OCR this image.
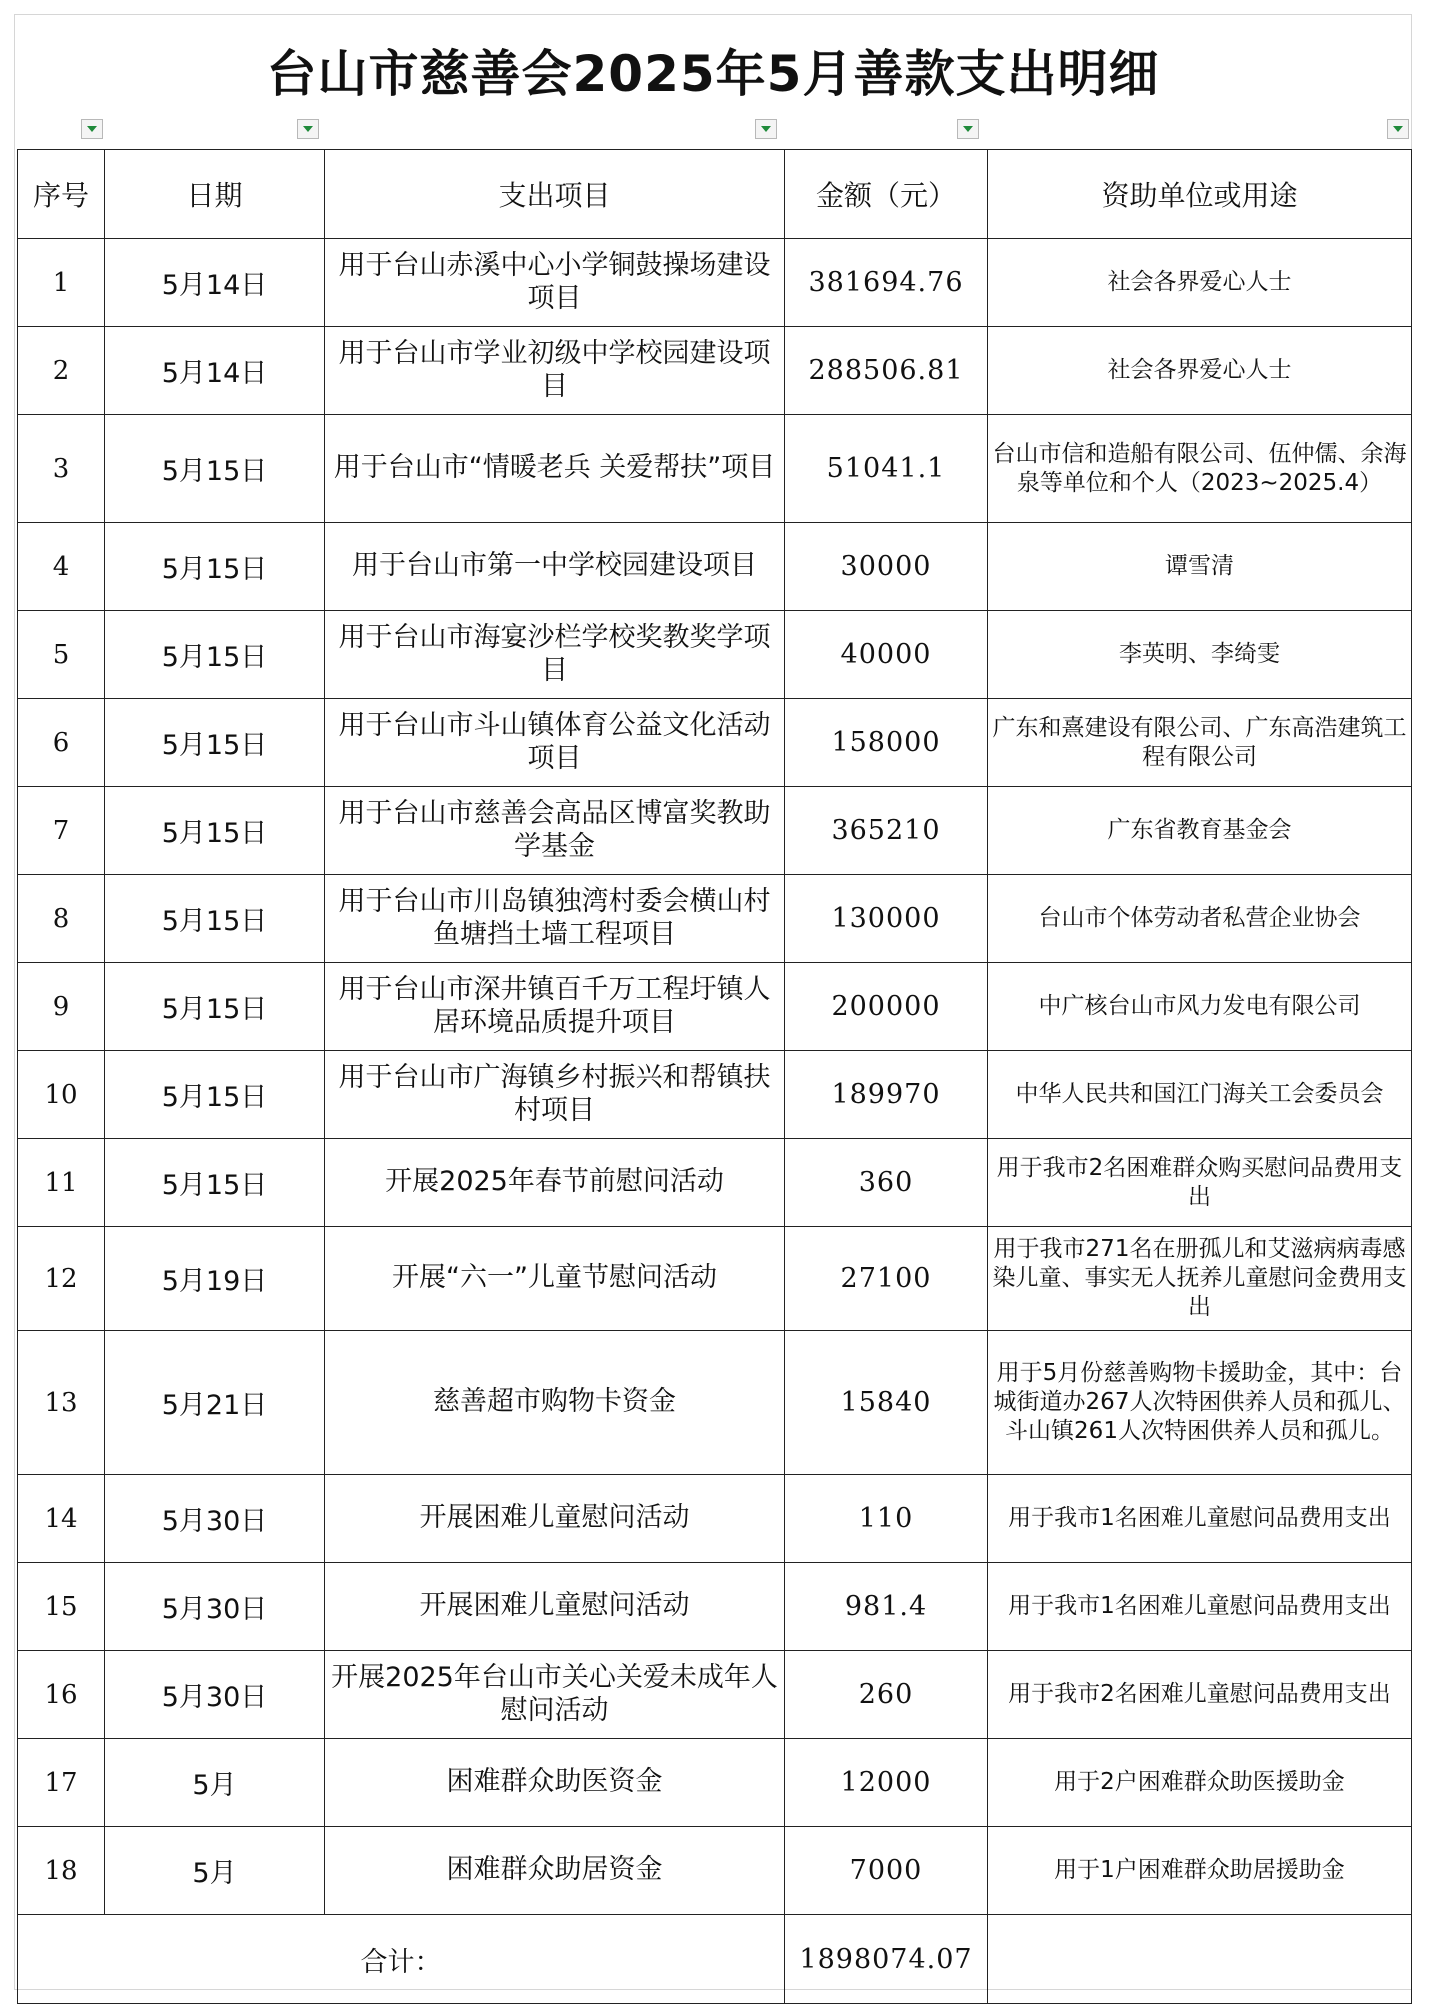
台山市慈善会2025年5月善款支出明细
序号	日期	支出项目	金额（元）	资助单位或用途
1	5月14日	用于台山赤溪中心小学铜鼓操场建设项目	381694.76	社会各界爱心人士
2	5月14日	用于台山市学业初级中学校园建设项目	288506.81	社会各界爱心人士
3	5月15日	用于台山市“情暖老兵 关爱帮扶”项目	51041.1	台山市信和造船有限公司、伍仲儒、余海泉等单位和个人（2023~2025.4）
4	5月15日	用于台山市第一中学校园建设项目	30000	谭雪清
5	5月15日	用于台山市海宴沙栏学校奖教奖学项目	40000	李英明、李绮雯
6	5月15日	用于台山市斗山镇体育公益文化活动项目	158000	广东和熹建设有限公司、广东高浩建筑工程有限公司
7	5月15日	用于台山市慈善会高品区博富奖教助学基金	365210	广东省教育基金会
8	5月15日	用于台山市川岛镇独湾村委会横山村鱼塘挡土墙工程项目	130000	台山市个体劳动者私营企业协会
9	5月15日	用于台山市深井镇百千万工程圩镇人居环境品质提升项目	200000	中广核台山市风力发电有限公司
10	5月15日	用于台山市广海镇乡村振兴和帮镇扶村项目	189970	中华人民共和国江门海关工会委员会
11	5月15日	开展2025年春节前慰问活动	360	用于我市2名困难群众购买慰问品费用支出
12	5月19日	开展“六一”儿童节慰问活动	27100	用于我市271名在册孤儿和艾滋病病毒感染儿童、事实无人抚养儿童慰问金费用支出
13	5月21日	慈善超市购物卡资金	15840	用于5月份慈善购物卡援助金，其中：台城街道办267人次特困供养人员和孤儿、斗山镇261人次特困供养人员和孤儿。
14	5月30日	开展困难儿童慰问活动	110	用于我市1名困难儿童慰问品费用支出
15	5月30日	开展困难儿童慰问活动	981.4	用于我市1名困难儿童慰问品费用支出
16	5月30日	开展2025年台山市关心关爱未成年人慰问活动	260	用于我市2名困难儿童慰问品费用支出
17	5月	困难群众助医资金	12000	用于2户困难群众助医援助金
18	5月	困难群众助居资金	7000	用于1户困难群众助居援助金
合计：			1898074.07	
